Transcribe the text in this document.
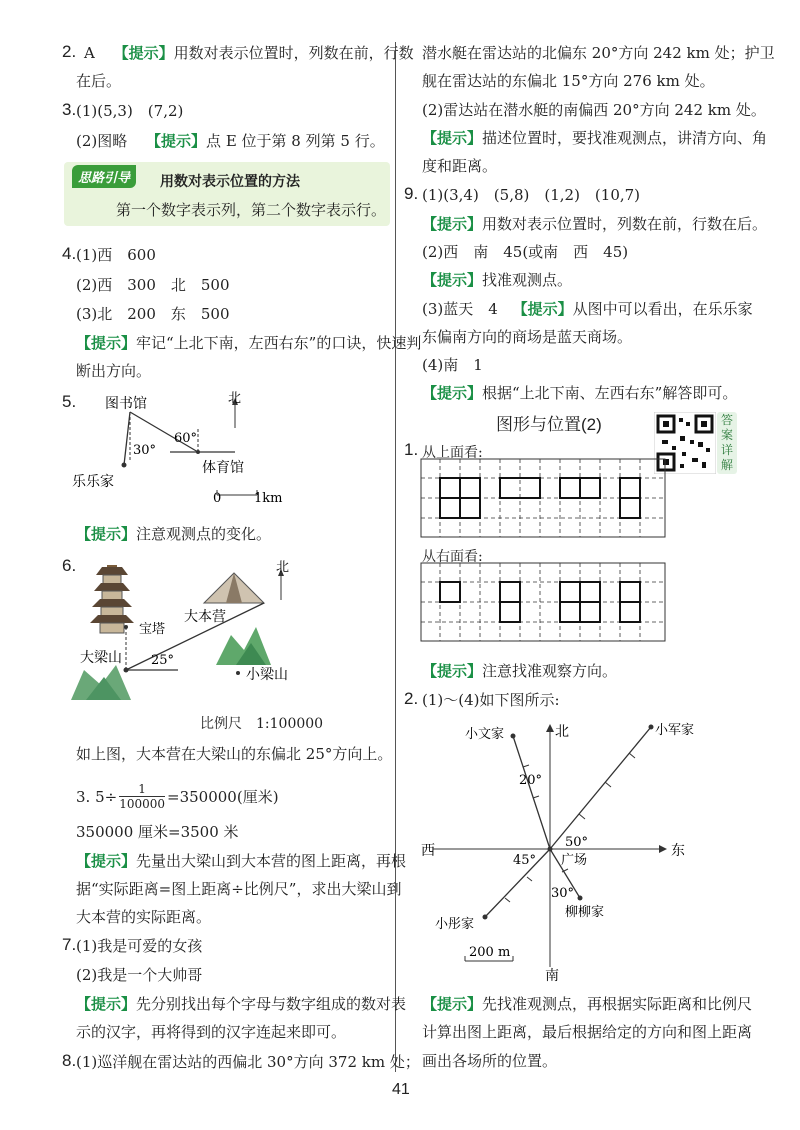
2. A 【提示】用数对表示位置时，列数在前，行数
在后。
3. (1)(5,3)　(7,2)
(2)图略 【提示】点 E 位于第 8 列第 5 行。
思路引导	用数对表示位置的方法
第一个数字表示列，第二个数字表示行。
4. (1)西　600
(2)西　300　北　500
(3)北　200　东　500
【提示】牢记“上北下南，左西右东”的口诀，快速判
断出方向。
5. 图书馆	北
60°
30°
体育馆
乐乐家
0	1km
【提示】注意观测点的变化。
6.	北
宝塔
大本营
大梁山 25°
小梁山
比例尺　1:100000
如上图，大本营在大梁山的东偏北 25°方向上。
3. $5\div \frac{1}{100000} =350000$(厘米)
350000 厘米=3500 米
【提示】先量出大梁山到大本营的图上距离，再根
据“实际距离=图上距离÷比例尺”，求出大梁山到
大本营的实际距离。
7. (1)我是可爱的女孩
(2)我是一个大帅哥
【提示】先分别找出每个字母与数字组成的数对表
示的汉字，再将得到的汉字连起来即可。
8. (1)巡洋舰在雷达站的西偏北 30°方向 372 km 处；
潜水艇在雷达站的北偏东 20°方向 242 km 处；护卫
舰在雷达站的东偏北 15°方向 276 km 处。
(2)雷达站在潜水艇的南偏西 20°方向 242 km 处。
【提示】描述位置时，要找准观测点，讲清方向、角
度和距离。
9. (1)(3,4)　(5,8)　(1,2)　(10,7)
【提示】用数对表示位置时，列数在前，行数在后。
(2)西　南　45(或南　西　45)
【提示】找准观测点。
(3)蓝天　4 【提示】从图中可以看出，在乐乐家
东偏南方向的商场是蓝天商场。
(4)南　1
【提示】根据“上北下南、左西右东”解答即可。
图形与位置(2)	答
案
详
解
1. 从上面看:
从右面看:
【提示】注意找准观察方向。
2. (1)～(4)如下图所示:
北
南
东
西
小文家	小军家
小彤家
柳柳家
广场
20°
50°
45°
30°
200 m
【提示】先找准观测点，再根据实际距离和比例尺
计算出图上距离，最后根据给定的方向和图上距离
画出各场所的位置。
41
